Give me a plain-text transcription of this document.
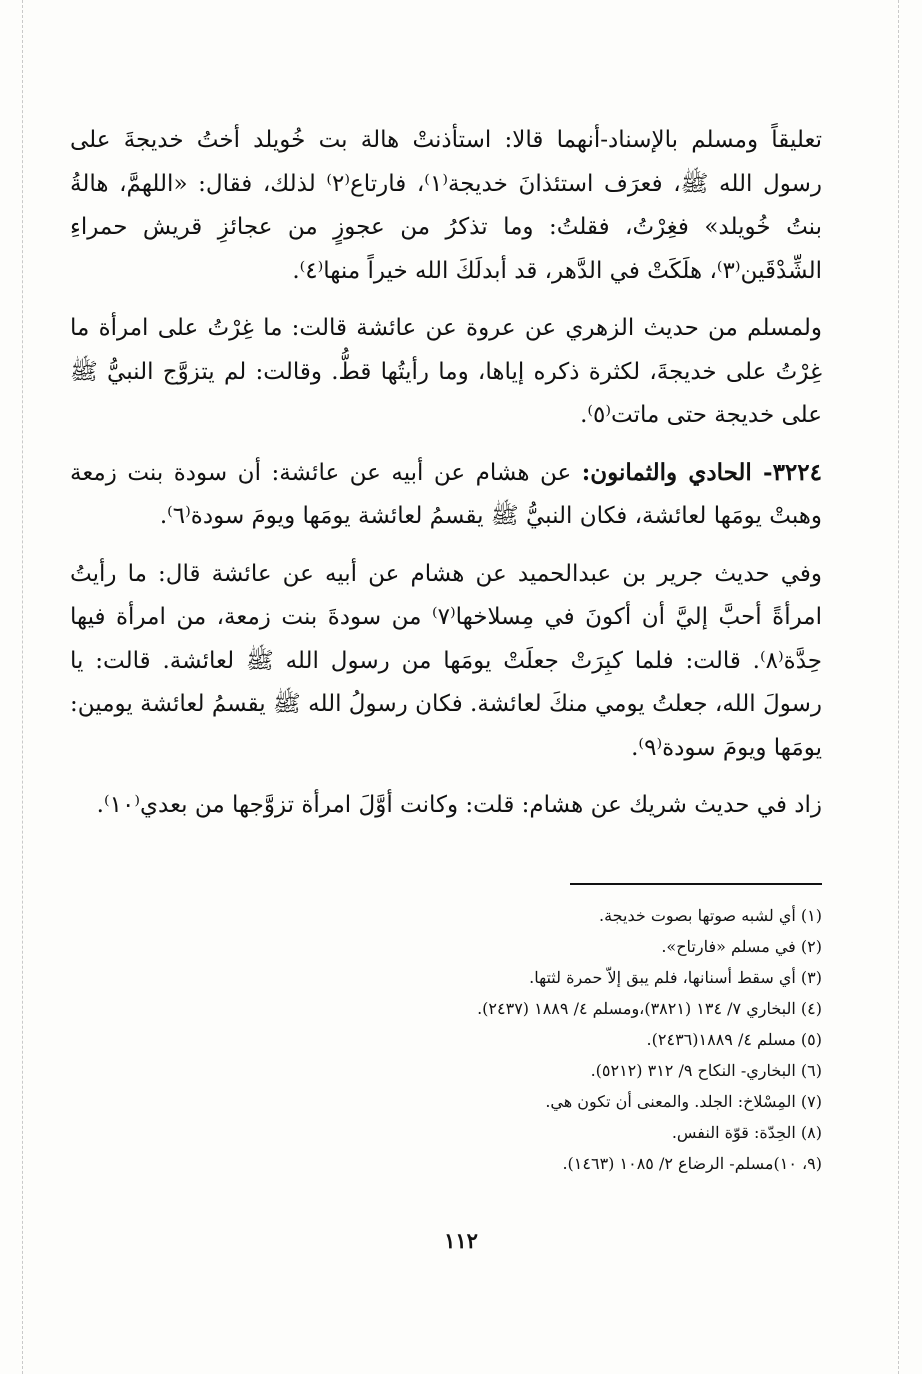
تعليقاً ومسلم بالإسناد-أنهما قالا: استأذنتْ هالة بت خُويلد أختُ خديجةَ على رسول الله ﷺ، فعرَف استئذانَ خديجة⁽١⁾، فارتاع⁽٢⁾ لذلك، فقال: «اللهمَّ، هالةُ بنتُ خُويلد» فغِرْتُ، فقلتُ: وما تذكرُ من عجوزٍ من عجائزِ قريش حمراءِ الشِّدْقَين⁽٣⁾، هلَكَتْ في الدَّهر، قد أبدلَكَ الله خيراً منها⁽٤⁾.

ولمسلم من حديث الزهري عن عروة عن عائشة قالت: ما غِرْتُ على امرأة ما غِرْتُ على خديجةَ، لكثرة ذكره إياها، وما رأيتُها قطُّ. وقالت: لم يتزوَّج النبيُّ ﷺ على خديجة حتى ماتت⁽٥⁾.

٣٢٢٤- الحادي والثمانون: عن هشام عن أبيه عن عائشة: أن سودة بنت زمعة وهبتْ يومَها لعائشة، فكان النبيُّ ﷺ يقسمُ لعائشة يومَها ويومَ سودة⁽٦⁾.

وفي حديث جرير بن عبدالحميد عن هشام عن أبيه عن عائشة قال: ما رأيتُ امرأةً أحبَّ إليَّ أن أكونَ في مِسلاخها⁽٧⁾ من سودةَ بنت زمعة، من امرأة فيها حِدَّة⁽٨⁾. قالت: فلما كبِرَتْ جعلَتْ يومَها من رسول الله ﷺ لعائشة. قالت: يا رسولَ الله، جعلتُ يومي منكَ لعائشة. فكان رسولُ الله ﷺ يقسمُ لعائشة يومين: يومَها ويومَ سودة⁽٩⁾.

زاد في حديث شريك عن هشام: قلت: وكانت أوَّلَ امرأة تزوَّجها من بعدي⁽١٠⁾.

(١) أي لشبه صوتها بصوت خديجة.
(٢) في مسلم «فارتاح».
(٣) أي سقط أسنانها، فلم يبق إلاّ حمرة لثتها.
(٤) البخاري ٧/ ١٣٤ (٣٨٢١)،ومسلم ٤/ ١٨٨٩ (٢٤٣٧).
(٥) مسلم ٤/ ١٨٨٩(٢٤٣٦).
(٦) البخاري- النكاح ٩/ ٣١٢ (٥٢١٢).
(٧) المِسْلاخ: الجلد. والمعنى أن تكون هي.
(٨) الحِدّة: قوّة النفس.
(٩، ١٠)مسلم- الرضاع ٢/ ١٠٨٥ (١٤٦٣).
١١٢
